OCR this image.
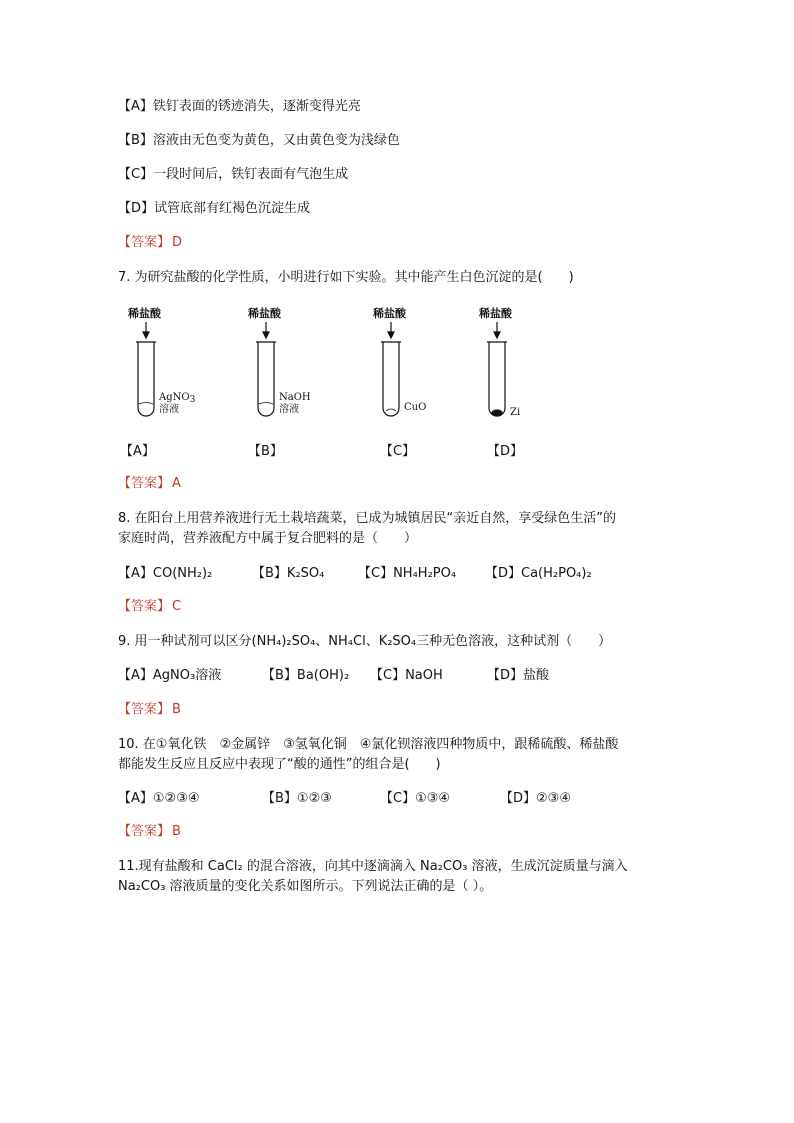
【A】铁钉表面的锈迹消失，逐渐变得光亮
【B】溶液由无色变为黄色，又由黄色变为浅绿色
【C】一段时间后，铁钉表面有气泡生成
【D】试管底部有红褐色沉淀生成
【答案】 D
7. 为研究盐酸的化学性质，小明进行如下实验。其中能产生白色沉淀的是(　　)
稀盐酸	稀盐酸	稀盐酸	稀盐酸
AgNO$_3$
溶液
NaOH
溶液	CuO	Zi
【A】	【B】	【C】	【D】
【答案】 A
8. 在阳台上用营养液进行无土栽培蔬菜，已成为城镇居民“亲近自然，享受绿色生活”的
家庭时尚，营养液配方中属于复合肥料的是（　　）
【A】CO(NH₂)₂	【B】K₂SO₄	【C】NH₄H₂PO₄ 【D】Ca(H₂PO₄)₂
【答案】 C
9. 用一种试剂可以区分(NH₄)₂SO₄、NH₄Cl、K₂SO₄三种无色溶液，这种试剂（　　）
【A】AgNO₃溶液	【B】Ba(OH)₂ 【C】NaOH	【D】盐酸
【答案】 B
10. 在①氧化铁　②金属锌　③氢氧化铜　④氯化钡溶液四种物质中，跟稀硫酸、稀盐酸
都能发生反应且反应中表现了“酸的通性”的组合是(　　)
【A】①②③④	【B】①②③	【C】①③④	【D】②③④
【答案】 B
11.现有盐酸和 CaCl₂ 的混合溶液，向其中逐滴滴入 Na₂CO₃ 溶液，生成沉淀质量与滴入
Na₂CO₃ 溶液质量的变化关系如图所示。下列说法正确的是（ ）。
